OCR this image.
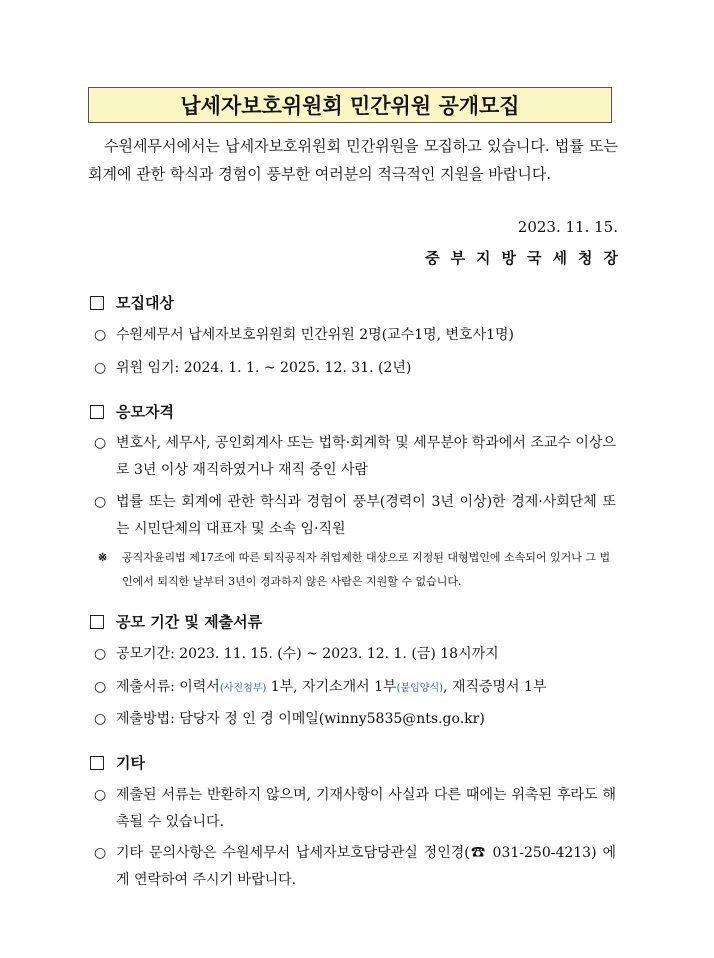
납세자보호위원회 민간위원 공개모집
수원세무서에서는 납세자보호위원회 민간위원을 모집하고 있습니다. 법률 또는 회계에 관한 학식과 경험이 풍부한 여러분의 적극적인 지원을 바랍니다.
2023. 11. 15.
중부지방국세청장
모집대상
○ 수원세무서 납세자보호위원회 민간위원 2명(교수1명, 변호사1명)
○ 위원 임기: 2024. 1. 1. ~ 2025. 12. 31. (2년)
응모자격
○ 변호사, 세무사, 공인회계사 또는 법학·회계학 및 세무분야 학과에서 조교수 이상으로 3년 이상 재직하였거나 재직 중인 사람
○ 법률 또는 회계에 관한 학식과 경험이 풍부(경력이 3년 이상)한 경제·사회단체 또는 시민단체의 대표자 및 소속 임·직원
※ 공직자윤리법 제17조에 따른 퇴직공직자 취업제한 대상으로 지정된 대형법인에 소속되어 있거나 그 법인에서 퇴직한 날부터 3년이 경과하지 않은 사람은 지원할 수 없습니다.
공모 기간 및 제출서류
○ 공모기간: 2023. 11. 15. (수) ~ 2023. 12. 1. (금) 18시까지
○ 제출서류: 이력서(사진첨부) 1부, 자기소개서 1부(붙임양식), 재직증명서 1부
○ 제출방법: 담당자 정 인 경 이메일(winny5835@nts.go.kr)
기타
○ 제출된 서류는 반환하지 않으며, 기재사항이 사실과 다른 때에는 위촉된 후라도 해촉될 수 있습니다.
○ 기타 문의사항은 수원세무서 납세자보호담당관실 정인경(☎ 031-250-4213) 에게 연락하여 주시기 바랍니다.
